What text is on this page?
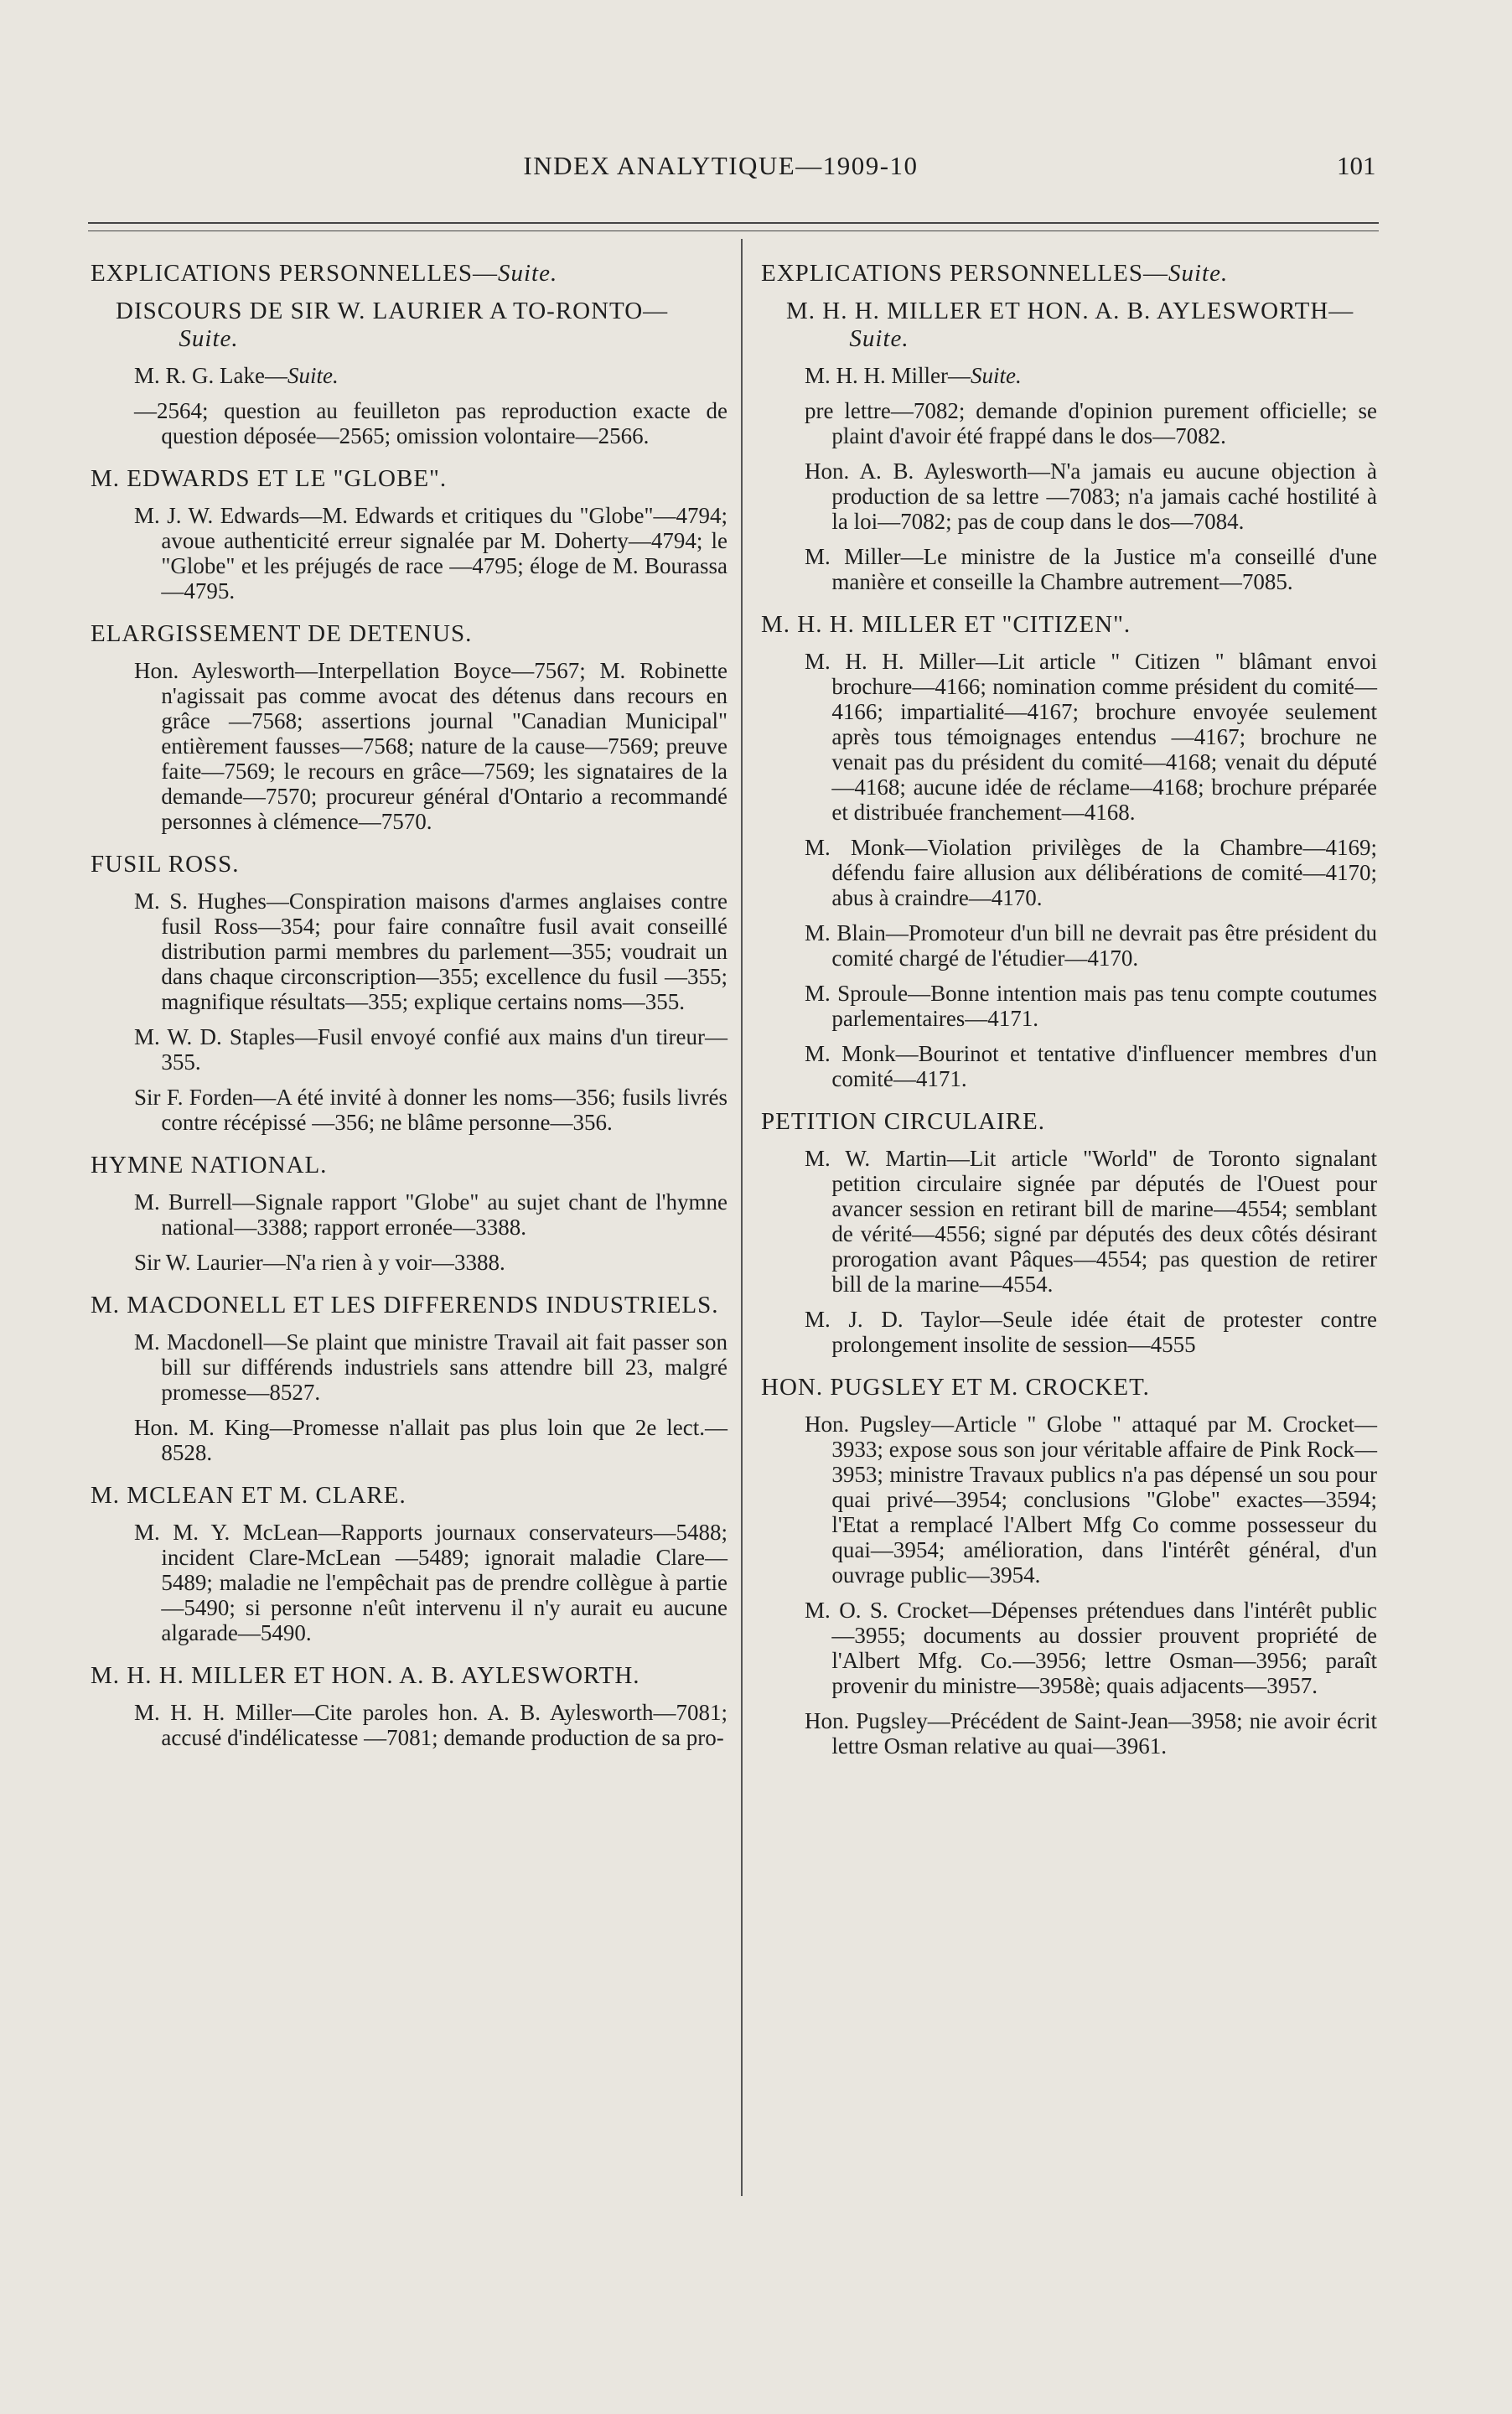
INDEX ANALYTIQUE—1909-10	101
EXPLICATIONS PERSONNELLES—Suite.
DISCOURS DE SIR W. LAURIER A TO-RONTO—Suite.
M. R. G. Lake—Suite.
—2564; question au feuilleton pas reproduction exacte de question déposée—2565; omission volontaire—2566.
M. EDWARDS ET LE "GLOBE".
M. J. W. Edwards—M. Edwards et critiques du "Globe"—4794; avoue authenticité erreur signalée par M. Doherty—4794; le "Globe" et les préjugés de race —4795; éloge de M. Bourassa—4795.
ELARGISSEMENT DE DETENUS.
Hon. Aylesworth—Interpellation Boyce—7567; M. Robinette n'agissait pas comme avocat des détenus dans recours en grâce —7568; assertions journal "Canadian Municipal" entièrement fausses—7568; nature de la cause—7569; preuve faite—7569; le recours en grâce—7569; les signataires de la demande—7570; procureur général d'Ontario a recommandé personnes à clémence—7570.
FUSIL ROSS.
M. S. Hughes—Conspiration maisons d'armes anglaises contre fusil Ross—354; pour faire connaître fusil avait conseillé distribution parmi membres du parlement—355; voudrait un dans chaque circonscription—355; excellence du fusil —355; magnifique résultats—355; explique certains noms—355.
M. W. D. Staples—Fusil envoyé confié aux mains d'un tireur—355.
Sir F. Forden—A été invité à donner les noms—356; fusils livrés contre récépissé —356; ne blâme personne—356.
HYMNE NATIONAL.
M. Burrell—Signale rapport "Globe" au sujet chant de l'hymne national—3388; rapport erronée—3388.
Sir W. Laurier—N'a rien à y voir—3388.
M. MACDONELL ET LES DIFFERENDS INDUSTRIELS.
M. Macdonell—Se plaint que ministre Travail ait fait passer son bill sur différends industriels sans attendre bill 23, malgré promesse—8527.
Hon. M. King—Promesse n'allait pas plus loin que 2e lect.—8528.
M. MCLEAN ET M. CLARE.
M. M. Y. McLean—Rapports journaux conservateurs—5488; incident Clare-McLean —5489; ignorait maladie Clare—5489; maladie ne l'empêchait pas de prendre collègue à partie—5490; si personne n'eût intervenu il n'y aurait eu aucune algarade—5490.
M. H. H. MILLER ET HON. A. B. AYLESWORTH.
M. H. H. Miller—Cite paroles hon. A. B. Aylesworth—7081; accusé d'indélicatesse —7081; demande production de sa pro-
EXPLICATIONS PERSONNELLES—Suite.
M. H. H. MILLER ET HON. A. B. AYLESWORTH—Suite.
M. H. H. Miller—Suite.
pre lettre—7082; demande d'opinion purement officielle; se plaint d'avoir été frappé dans le dos—7082.
Hon. A. B. Aylesworth—N'a jamais eu aucune objection à production de sa lettre —7083; n'a jamais caché hostilité à la loi—7082; pas de coup dans le dos—7084.
M. Miller—Le ministre de la Justice m'a conseillé d'une manière et conseille la Chambre autrement—7085.
M. H. H. MILLER ET "CITIZEN".
M. H. H. Miller—Lit article " Citizen " blâmant envoi brochure—4166; nomination comme président du comité—4166; impartialité—4167; brochure envoyée seulement après tous témoignages entendus —4167; brochure ne venait pas du président du comité—4168; venait du député—4168; aucune idée de réclame—4168; brochure préparée et distribuée franchement—4168.
M. Monk—Violation privilèges de la Chambre—4169; défendu faire allusion aux délibérations de comité—4170; abus à craindre—4170.
M. Blain—Promoteur d'un bill ne devrait pas être président du comité chargé de l'étudier—4170.
M. Sproule—Bonne intention mais pas tenu compte coutumes parlementaires—4171.
M. Monk—Bourinot et tentative d'influencer membres d'un comité—4171.
PETITION CIRCULAIRE.
M. W. Martin—Lit article "World" de Toronto signalant petition circulaire signée par députés de l'Ouest pour avancer session en retirant bill de marine—4554; semblant de vérité—4556; signé par députés des deux côtés désirant prorogation avant Pâques—4554; pas question de retirer bill de la marine—4554.
M. J. D. Taylor—Seule idée était de protester contre prolongement insolite de session—4555
HON. PUGSLEY ET M. CROCKET.
Hon. Pugsley—Article " Globe " attaqué par M. Crocket—3933; expose sous son jour véritable affaire de Pink Rock—3953; ministre Travaux publics n'a pas dépensé un sou pour quai privé—3954; conclusions "Globe" exactes—3594; l'Etat a remplacé l'Albert Mfg Co comme possesseur du quai—3954; amélioration, dans l'intérêt général, d'un ouvrage public—3954.
M. O. S. Crocket—Dépenses prétendues dans l'intérêt public—3955; documents au dossier prouvent propriété de l'Albert Mfg. Co.—3956; lettre Osman—3956; paraît provenir du ministre—3958è; quais adjacents—3957.
Hon. Pugsley—Précédent de Saint-Jean—3958; nie avoir écrit lettre Osman relative au quai—3961.
